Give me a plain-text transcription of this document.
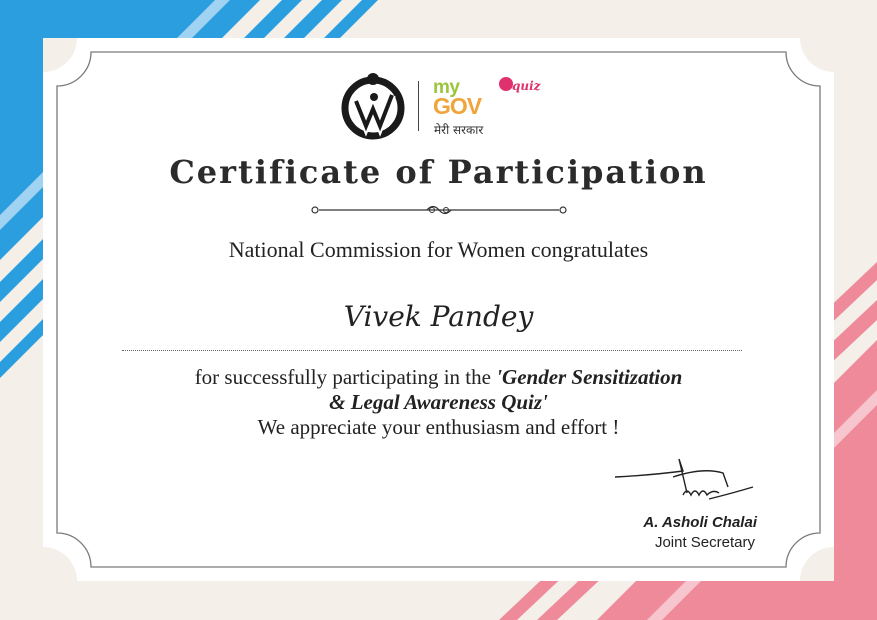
my
GOV
मेरी सरकार
quiz
Certificate of Participation
National Commission for Women congratulates
Vivek Pandey
for successfully participating in the 'Gender Sensitization
& Legal Awareness Quiz'
We appreciate your enthusiasm and effort !
A. Asholi Chalai
Joint Secretary
